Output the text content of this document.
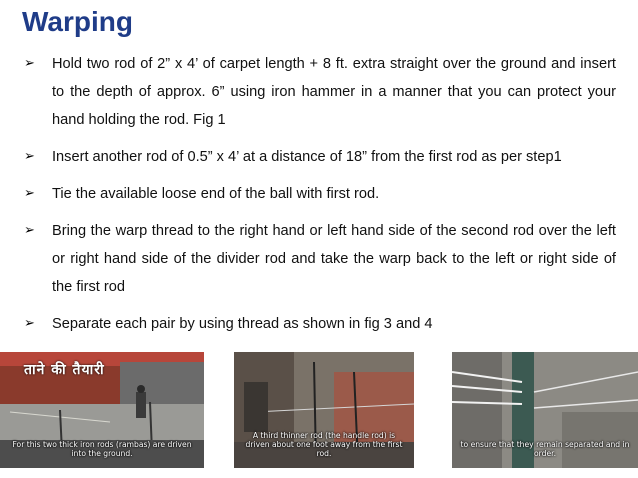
Warping
➢	Hold two rod of 2” x 4’ of carpet length + 8 ft. extra straight over the ground and insert to the depth of approx. 6” using iron hammer in a manner that you can protect your hand holding the rod. Fig 1
➢	Insert another rod of 0.5” x 4’ at a distance of 18” from the first rod as per step1
➢	Tie the available loose end of the ball with first rod.
➢	Bring the warp thread to the right hand or left hand side of the second rod over the left or right hand side of the divider rod and take the warp back to the left or right side of the first rod
➢	Separate each pair by using thread as shown in fig 3 and 4
ताने की तैयारी
For this two thick iron rods (rambas) are driven into the ground.
A third thinner rod (the handle rod) is driven about one foot away from the first rod.
to ensure that they remain separated and in order.
